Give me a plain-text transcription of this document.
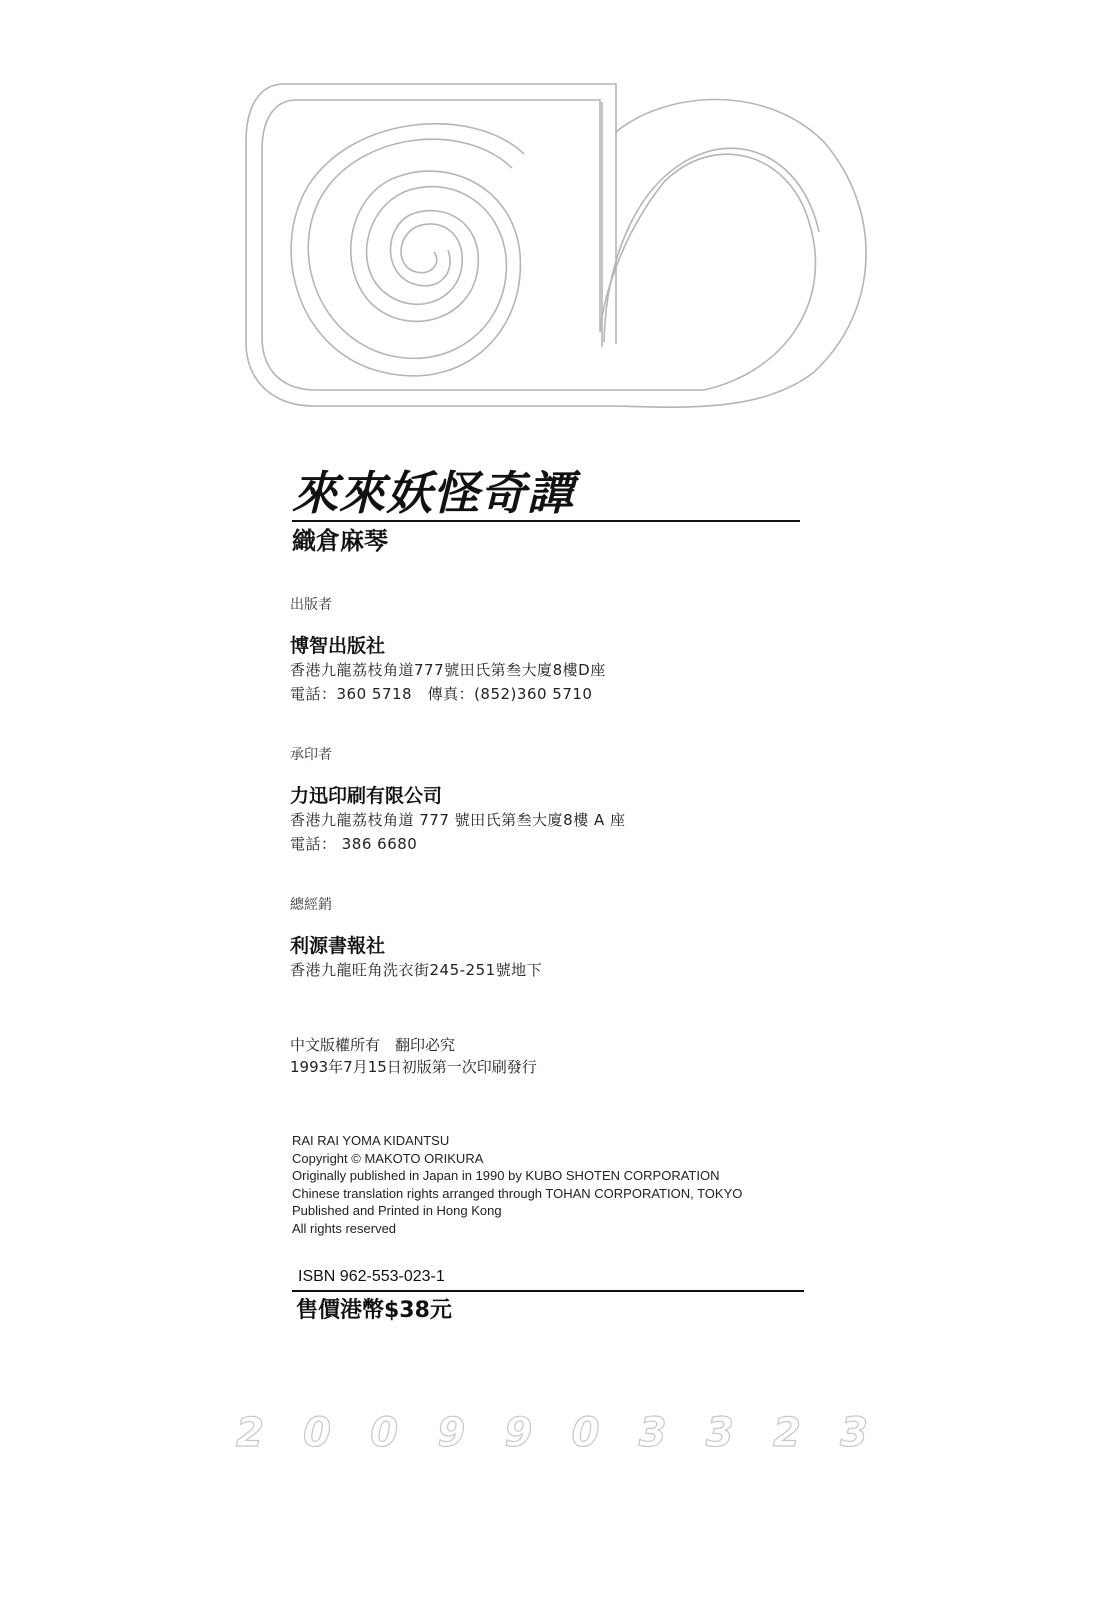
來來妖怪奇譚
織倉麻琴
出版者
博智出版社
香港九龍荔枝角道777號田氏第叁大廈8樓D座
電話：360 5718　傳真：(852)360 5710
承印者
力迅印刷有限公司
香港九龍荔枝角道 777 號田氏第叁大廈8樓 A 座
電話： 386 6680
總經銷
利源書報社
香港九龍旺角洗衣街245-251號地下
中文版權所有　翻印必究
1993年7月15日初版第一次印刷發行
RAI RAI YOMA KIDANTSU
Copyright © MAKOTO ORIKURA
Originally published in Japan in 1990 by KUBO SHOTEN CORPORATION
Chinese translation rights arranged through TOHAN CORPORATION, TOKYO
Published and Printed in Hong Kong
All rights reserved
ISBN 962-553-023-1
售價港幣$38元
2009903323
